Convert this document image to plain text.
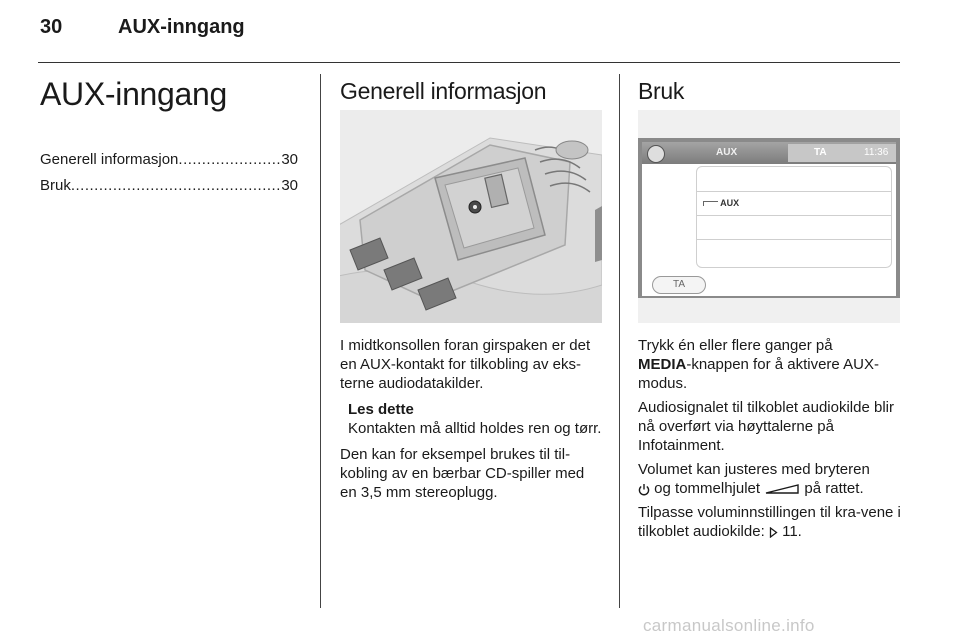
30	AUX-inngang
AUX-inngang
Generell informasjon .....	30
Bruk .....	30
Generell informasjon

I midtkonsollen foran girspaken er det en AUX-kontakt for tilkobling av eks-terne audiodatakilder.

Les dette

Kontakten må alltid holdes ren og tørr.

Den kan for eksempel brukes til til-kobling av en bærbar CD-spiller med en 3,5 mm stereoplugg.

Bruk
AUX	TA	11:36
AUX
TA

Trykk én eller flere ganger på
MEDIA-knappen for å aktivere AUX-modus.

Audiosignalet til tilkoblet audiokilde blir nå overført via høyttalerne på Infotainment.

Volumet kan justeres med bryteren
og tommelhjulet	på rattet.

Tilpasse voluminnstillingen til kra-vene i tilkoblet audiokilde: 11.

carmanualsonline.info
